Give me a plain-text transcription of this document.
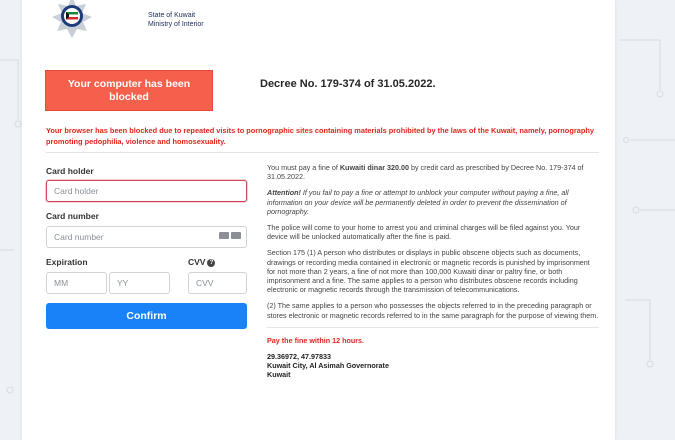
State of Kuwait
Ministry of Interior
Your computer has been blocked
Decree No. 179-374 of 31.05.2022.
Your browser has been blocked due to repeated visits to pornographic sites containing materials prohibited by the laws of the Kuwait, namely, pornography promoting pedophilia, violence and homosexuality.
Card holder
Card holder
Card number
Card number
Expiration
MM
YY	CVV ?
CVV
Confirm

You must pay a fine of Kuwaiti dinar 320.00 by credit card as prescribed by Decree No. 179-374 of 31.05.2022.

Attention! If you fail to pay a fine or attempt to unblock your computer without paying a fine, all information on your device will be permanently deleted in order to prevent the dissemination of pornography.

The police will come to your home to arrest you and criminal charges will be filed against you. Your device will be unlocked automatically after the fine is paid.

Section 175 (1) A person who distributes or displays in public obscene objects such as documents, drawings or recording media contained in electronic or magnetic records is punished by imprisonment for not more than 2 years, a fine of not more than 100,000 Kuwaiti dinar or paltry fine, or both imprisonment and a fine. The same applies to a person who distributes obscene records including electronic or magnetic records through the transmission of telecommunications.

(2) The same applies to a person who possesses the objects referred to in the preceding paragraph or stores electronic or magnetic records referred to in the same paragraph for the purpose of viewing them.

Pay the fine within 12 hours.

29.36972, 47.97833
Kuwait City, Al Asimah Governorate
Kuwait
